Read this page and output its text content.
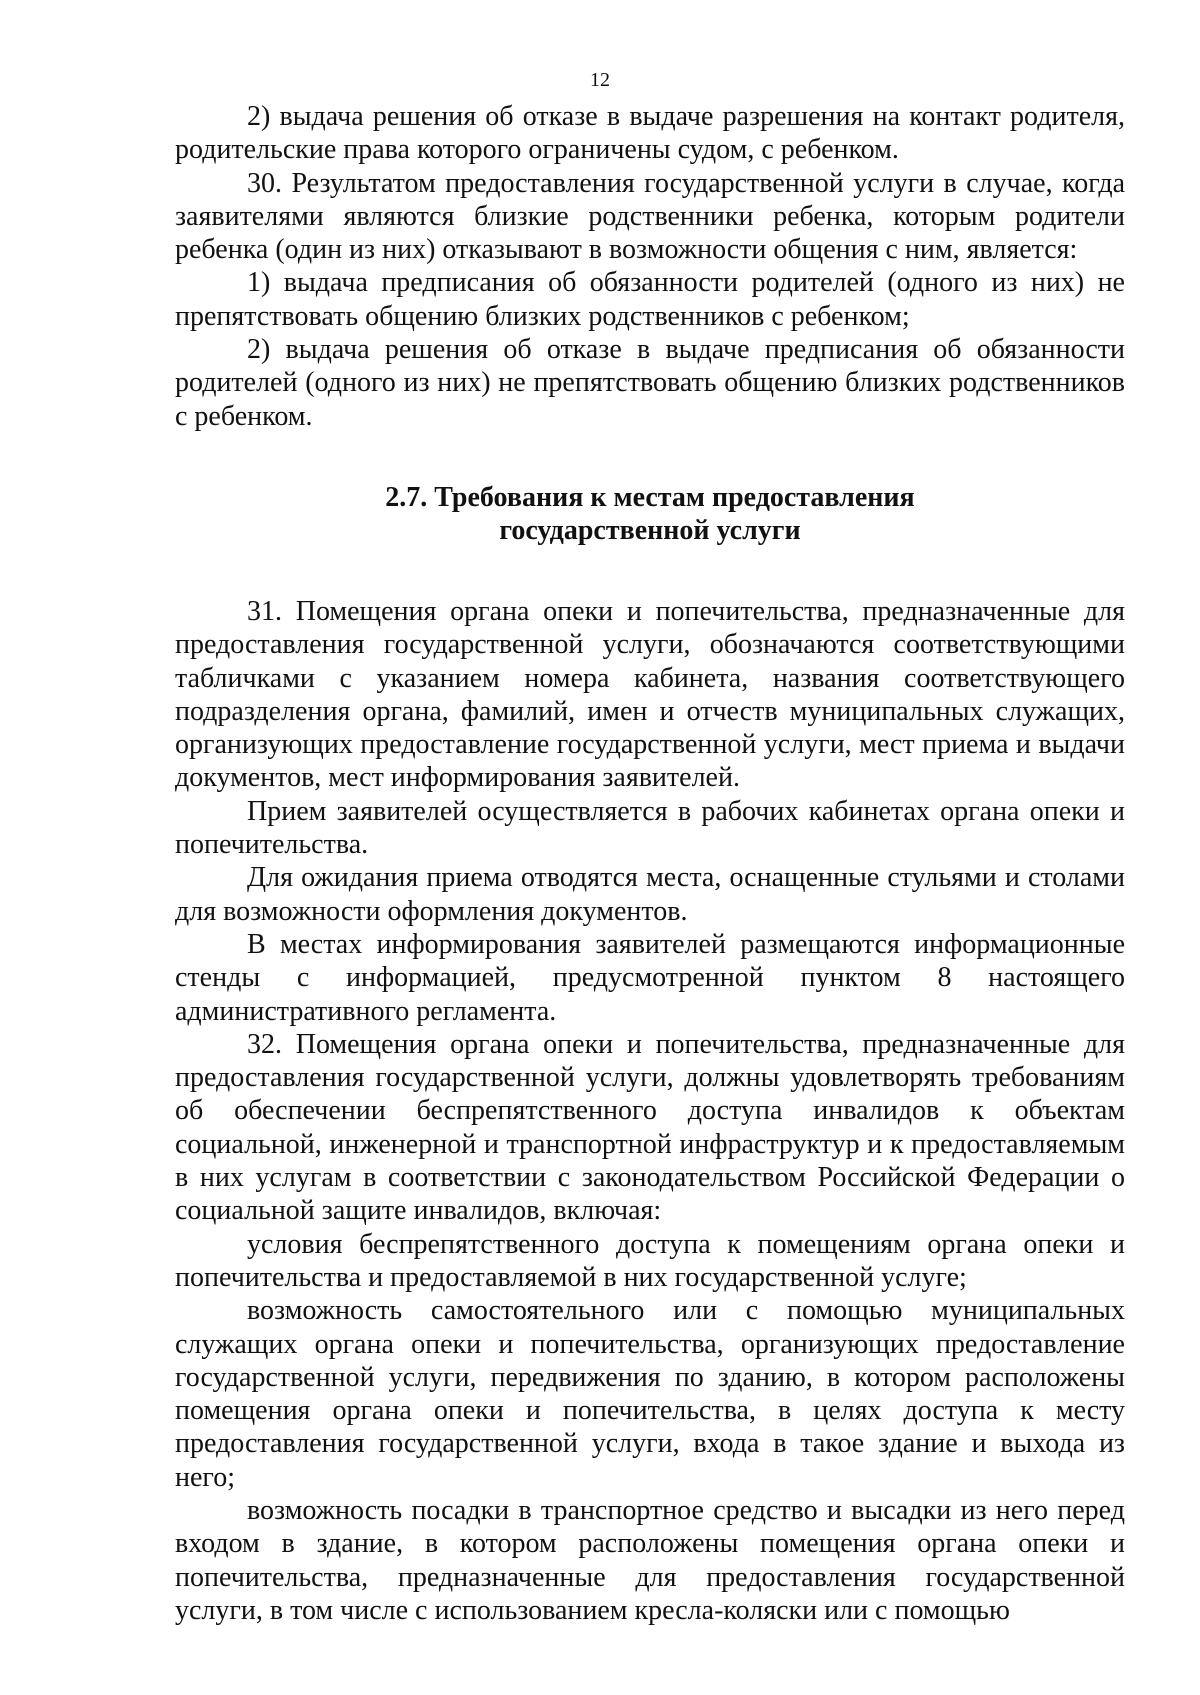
12

2) выдача решения об отказе в выдаче разрешения на контакт родителя, родительские права которого ограничены судом, с ребенком.

30. Результатом предоставления государственной услуги в случае, когда заявителями являются близкие родственники ребенка, которым родители ребенка (один из них) отказывают в возможности общения с ним, является:

1) выдача предписания об обязанности родителей (одного из них) не препятствовать общению близких родственников с ребенком;

2) выдача решения об отказе в выдаче предписания об обязанности родителей (одного из них) не препятствовать общению близких родственников с ребенком.

2.7. Требования к местам предоставления
государственной услуги

31. Помещения органа опеки и попечительства, предназначенные для предоставления государственной услуги, обозначаются соответствующими табличками с указанием номера кабинета, названия соответствующего подразделения органа, фамилий, имен и отчеств муниципальных служащих, организующих предоставление государственной услуги, мест приема и выдачи документов, мест информирования заявителей.

Прием заявителей осуществляется в рабочих кабинетах органа опеки и попечительства.

Для ожидания приема отводятся места, оснащенные стульями и столами для возможности оформления документов.

В местах информирования заявителей размещаются информационные стенды с информацией, предусмотренной пунктом 8 настоящего административного регламента.

32. Помещения органа опеки и попечительства, предназначенные для предоставления государственной услуги, должны удовлетворять требованиям об обеспечении беспрепятственного доступа инвалидов к объектам социальной, инженерной и транспортной инфраструктур и к предоставляемым в них услугам в соответствии с законодательством Российской Федерации о социальной защите инвалидов, включая:

условия беспрепятственного доступа к помещениям органа опеки и попечительства и предоставляемой в них государственной услуге;

возможность самостоятельного или с помощью муниципальных служащих органа опеки и попечительства, организующих предоставление государственной услуги, передвижения по зданию, в котором расположены помещения органа опеки и попечительства, в целях доступа к месту предоставления государственной услуги, входа в такое здание и выхода из него;

возможность посадки в транспортное средство и высадки из него перед входом в здание, в котором расположены помещения органа опеки и попечительства, предназначенные для предоставления государственной услуги, в том числе с использованием кресла-коляски или с помощью
